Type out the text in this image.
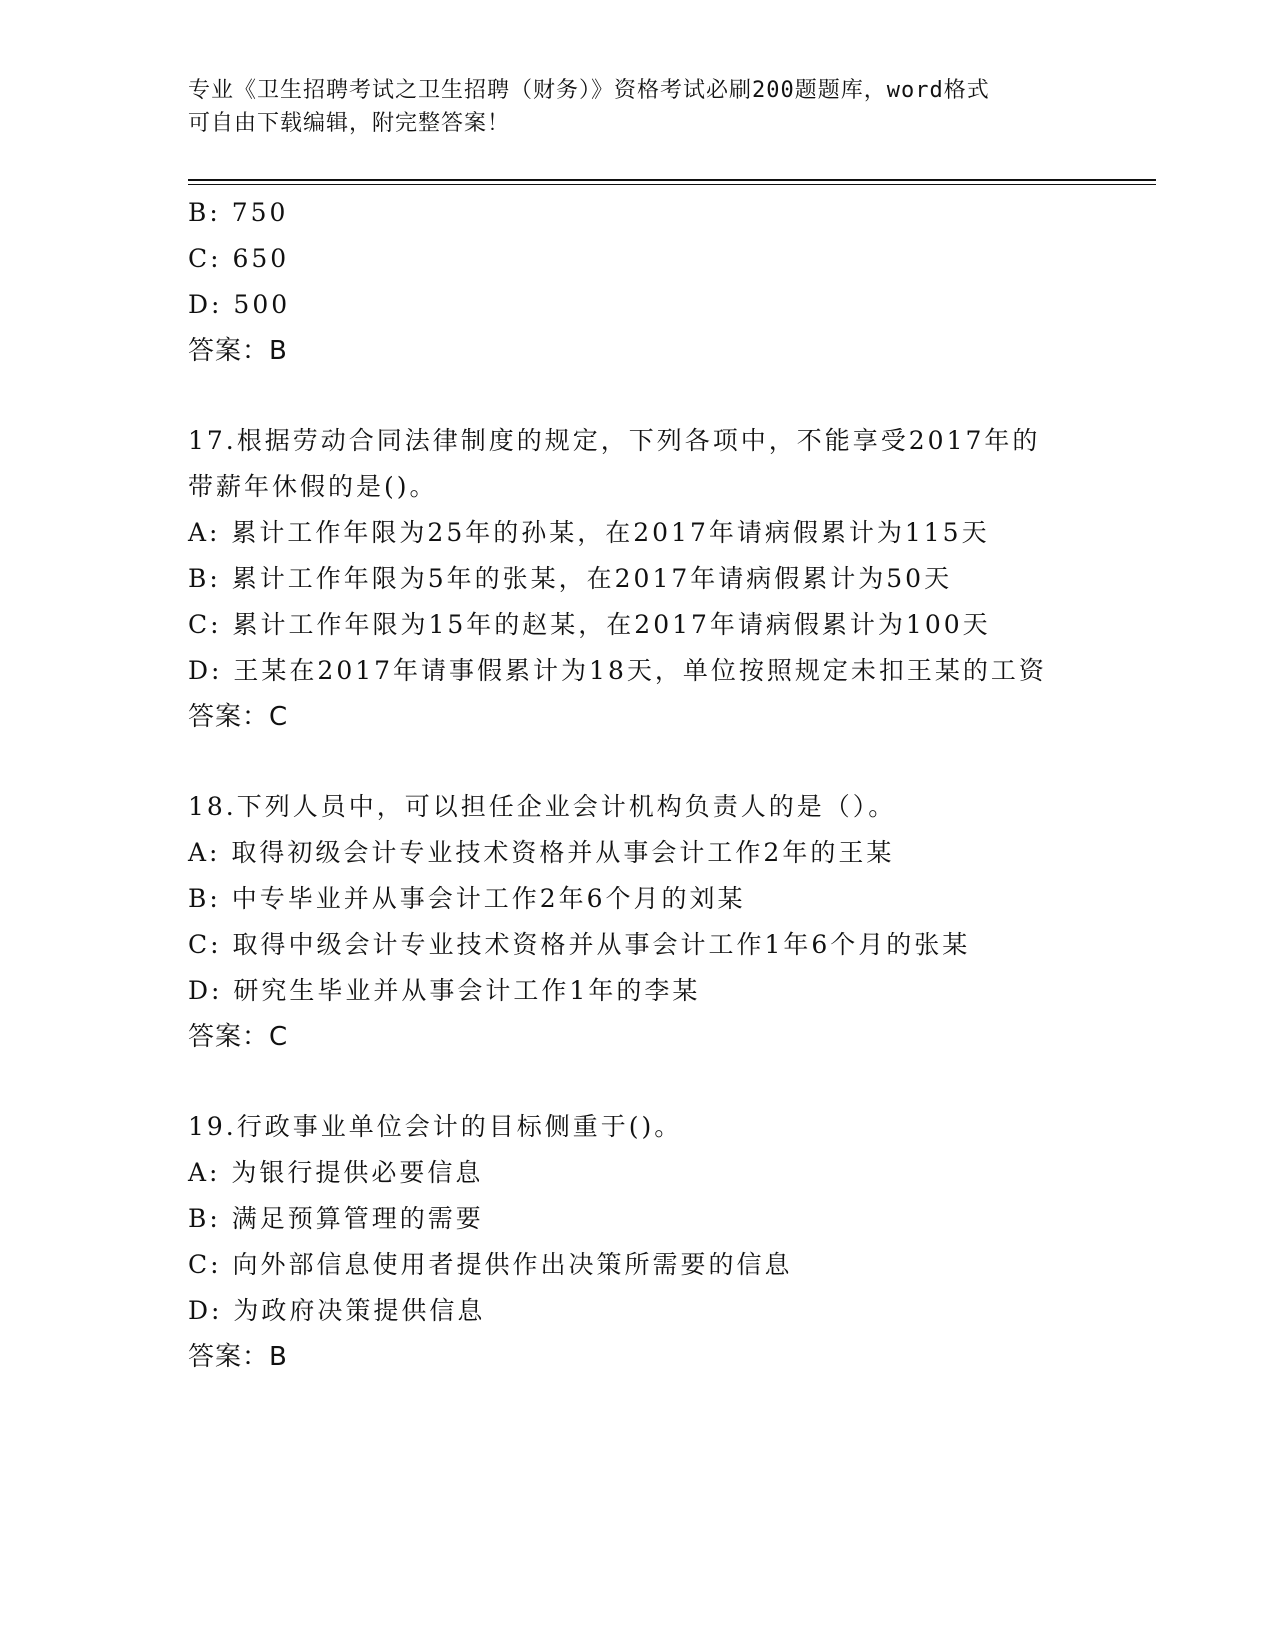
专业《卫生招聘考试之卫生招聘（财务）》资格考试必刷200题题库，word格式
可自由下载编辑，附完整答案！
B: 750
C: 650
D: 500
答案：B
17.根据劳动合同法律制度的规定，下列各项中，不能享受2017年的
带薪年休假的是()。
A: 累计工作年限为25年的孙某，在2017年请病假累计为115天
B: 累计工作年限为5年的张某，在2017年请病假累计为50天
C: 累计工作年限为15年的赵某，在2017年请病假累计为100天
D: 王某在2017年请事假累计为18天，单位按照规定未扣王某的工资
答案：C
18.下列人员中，可以担任企业会计机构负责人的是（）。
A: 取得初级会计专业技术资格并从事会计工作2年的王某
B: 中专毕业并从事会计工作2年6个月的刘某
C: 取得中级会计专业技术资格并从事会计工作1年6个月的张某
D: 研究生毕业并从事会计工作1年的李某
答案：C
19.行政事业单位会计的目标侧重于()。
A: 为银行提供必要信息
B: 满足预算管理的需要
C: 向外部信息使用者提供作出决策所需要的信息
D: 为政府决策提供信息
答案：B
